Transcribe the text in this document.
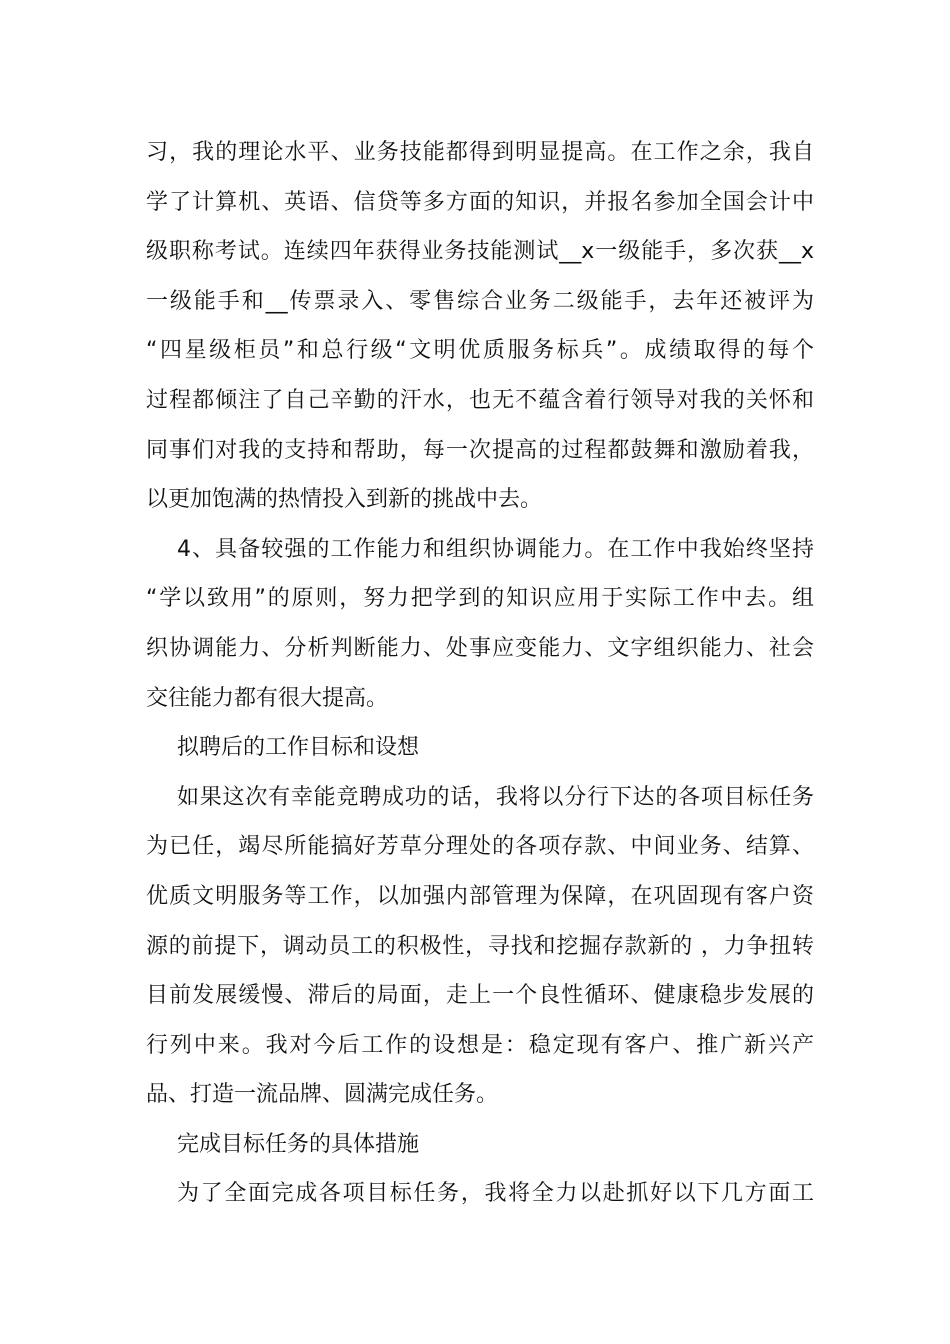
习，我的理论水平、业务技能都得到明显提高。在工作之余，我自
学了计算机、英语、信贷等多方面的知识，并报名参加全国会计中
级职称考试。连续四年获得业务技能测试__x一级能手，多次获__x
一级能手和__传票录入、零售综合业务二级能手，去年还被评为
“四星级柜员”和总行级“文明优质服务标兵”。成绩取得的每个
过程都倾注了自己辛勤的汗水，也无不蕴含着行领导对我的关怀和
同事们对我的支持和帮助，每一次提高的过程都鼓舞和激励着我，
以更加饱满的热情投入到新的挑战中去。
4、具备较强的工作能力和组织协调能力。在工作中我始终坚持
“学以致用”的原则，努力把学到的知识应用于实际工作中去。组
织协调能力、分析判断能力、处事应变能力、文字组织能力、社会
交往能力都有很大提高。
拟聘后的工作目标和设想
如果这次有幸能竞聘成功的话，我将以分行下达的各项目标任务
为已任，竭尽所能搞好芳草分理处的各项存款、中间业务、结算、
优质文明服务等工作，以加强内部管理为保障，在巩固现有客户资
源的前提下，调动员工的积极性，寻找和挖掘存款新的 ，力争扭转
目前发展缓慢、滞后的局面，走上一个良性循环、健康稳步发展的
行列中来。我对今后工作的设想是：稳定现有客户、推广新兴产
品、打造一流品牌、圆满完成任务。
完成目标任务的具体措施
为了全面完成各项目标任务，我将全力以赴抓好以下几方面工
